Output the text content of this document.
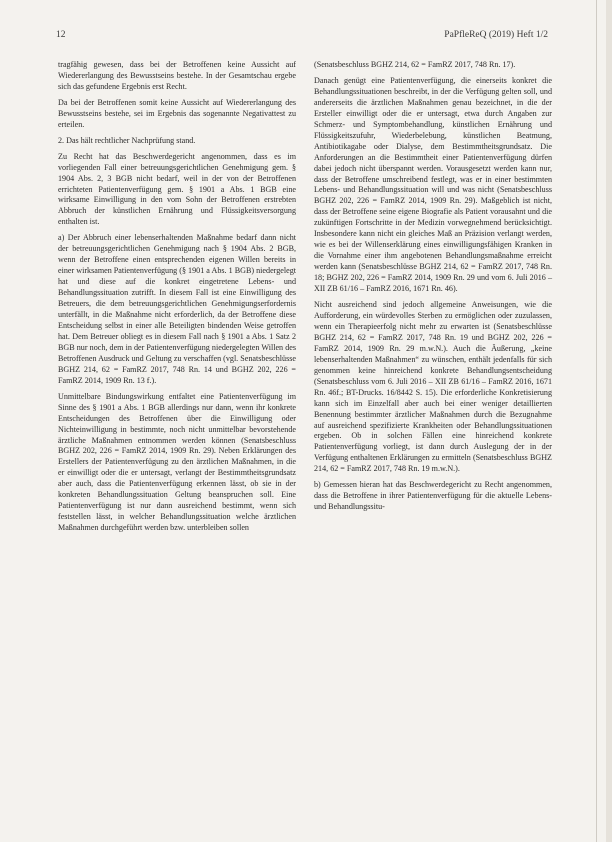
12	PaPfleReQ (2019) Heft 1/2

tragfähig gewesen, dass bei der Betroffenen keine Aussicht auf Wiedererlangung des Bewusstseins bestehe. In der Gesamtschau ergebe sich das gefundene Ergebnis erst Recht.

Da bei der Betroffenen somit keine Aussicht auf Wiedererlangung des Bewusstseins bestehe, sei im Ergebnis das sogenannte Negativattest zu erteilen.

2. Das hält rechtlicher Nachprüfung stand.

Zu Recht hat das Beschwerdegericht angenommen, dass es im vorliegenden Fall einer betreuungsgerichtlichen Genehmigung gem. § 1904 Abs. 2, 3 BGB nicht bedarf, weil in der von der Betroffenen errichteten Patientenverfügung gem. § 1901 a Abs. 1 BGB eine wirksame Einwilligung in den vom Sohn der Betroffenen erstrebten Abbruch der künstlichen Ernährung und Flüssigkeitsversorgung enthalten ist.

a) Der Abbruch einer lebenserhaltenden Maßnahme bedarf dann nicht der betreuungsgerichtlichen Genehmigung nach § 1904 Abs. 2 BGB, wenn der Betroffene einen entsprechenden eigenen Willen bereits in einer wirksamen Patientenverfügung (§ 1901 a Abs. 1 BGB) niedergelegt hat und diese auf die konkret eingetretene Lebens- und Behandlungssituation zutrifft. In diesem Fall ist eine Einwilligung des Betreuers, die dem betreuungsgerichtlichen Genehmigungserfordernis unterfällt, in die Maßnahme nicht erforderlich, da der Betroffene diese Entscheidung selbst in einer alle Beteiligten bindenden Weise getroffen hat. Dem Betreuer obliegt es in diesem Fall nach § 1901 a Abs. 1 Satz 2 BGB nur noch, dem in der Patientenverfügung niedergelegten Willen des Betroffenen Ausdruck und Geltung zu verschaffen (vgl. Senatsbeschlüsse BGHZ 214, 62 = FamRZ 2017, 748 Rn. 14 und BGHZ 202, 226 = FamRZ 2014, 1909 Rn. 13 f.).

Unmittelbare Bindungswirkung entfaltet eine Patientenverfügung im Sinne des § 1901 a Abs. 1 BGB allerdings nur dann, wenn ihr konkrete Entscheidungen des Betroffenen über die Einwilligung oder Nichteinwilligung in bestimmte, noch nicht unmittelbar bevorstehende ärztliche Maßnahmen entnommen werden können (Senatsbeschluss BGHZ 202, 226 = FamRZ 2014, 1909 Rn. 29). Neben Erklärungen des Erstellers der Patientenverfügung zu den ärztlichen Maßnahmen, in die er einwilligt oder die er untersagt, verlangt der Bestimmtheitsgrundsatz aber auch, dass die Patientenverfügung erkennen lässt, ob sie in der konkreten Behandlungssituation Geltung beanspruchen soll. Eine Patientenverfügung ist nur dann ausreichend bestimmt, wenn sich feststellen lässt, in welcher Behandlungssituation welche ärztlichen Maßnahmen durchgeführt werden bzw. unterbleiben sollen

(Senatsbeschluss BGHZ 214, 62 = FamRZ 2017, 748 Rn. 17).

Danach genügt eine Patientenverfügung, die einerseits konkret die Behandlungssituationen beschreibt, in der die Verfügung gelten soll, und andererseits die ärztlichen Maßnahmen genau bezeichnet, in die der Ersteller einwilligt oder die er untersagt, etwa durch Angaben zur Schmerz- und Symptombehandlung, künstlichen Ernährung und Flüssigkeitszufuhr, Wiederbelebung, künstlichen Beatmung, Antibiotikagabe oder Dialyse, dem Bestimmtheitsgrundsatz. Die Anforderungen an die Bestimmtheit einer Patientenverfügung dürfen dabei jedoch nicht überspannt werden. Vorausgesetzt werden kann nur, dass der Betroffene umschreibend festlegt, was er in einer bestimmten Lebens- und Behandlungssituation will und was nicht (Senatsbeschluss BGHZ 202, 226 = FamRZ 2014, 1909 Rn. 29). Maßgeblich ist nicht, dass der Betroffene seine eigene Biografie als Patient vorausahnt und die zukünftigen Fortschritte in der Medizin vorwegnehmend berücksichtigt. Insbesondere kann nicht ein gleiches Maß an Präzision verlangt werden, wie es bei der Willenserklärung eines einwilligungsfähigen Kranken in die Vornahme einer ihm angebotenen Behandlungsmaßnahme erreicht werden kann (Senatsbeschlüsse BGHZ 214, 62 = FamRZ 2017, 748 Rn. 18; BGHZ 202, 226 = FamRZ 2014, 1909 Rn. 29 und vom 6. Juli 2016 – XII ZB 61/16 – FamRZ 2016, 1671 Rn. 46).

Nicht ausreichend sind jedoch allgemeine Anweisungen, wie die Aufforderung, ein würdevolles Sterben zu ermöglichen oder zuzulassen, wenn ein Therapieerfolg nicht mehr zu erwarten ist (Senatsbeschlüsse BGHZ 214, 62 = FamRZ 2017, 748 Rn. 19 und BGHZ 202, 226 = FamRZ 2014, 1909 Rn. 29 m.w.N.). Auch die Äußerung, „keine lebenserhaltenden Maßnahmen“ zu wünschen, enthält jedenfalls für sich genommen keine hinreichend konkrete Behandlungsentscheidung (Senatsbeschluss vom 6. Juli 2016 – XII ZB 61/16 – FamRZ 2016, 1671 Rn. 46f.; BT-Drucks. 16/8442 S. 15). Die erforderliche Konkretisierung kann sich im Einzelfall aber auch bei einer weniger detaillierten Benennung bestimmter ärztlicher Maßnahmen durch die Bezugnahme auf ausreichend spezifizierte Krankheiten oder Behandlungssituationen ergeben. Ob in solchen Fällen eine hinreichend konkrete Patientenverfügung vorliegt, ist dann durch Auslegung der in der Verfügung enthaltenen Erklärungen zu ermitteln (Senatsbeschluss BGHZ 214, 62 = FamRZ 2017, 748 Rn. 19 m.w.N.).

b) Gemessen hieran hat das Beschwerdegericht zu Recht angenommen, dass die Betroffene in ihrer Patientenverfügung für die aktuelle Lebens- und Behandlungssitu-
